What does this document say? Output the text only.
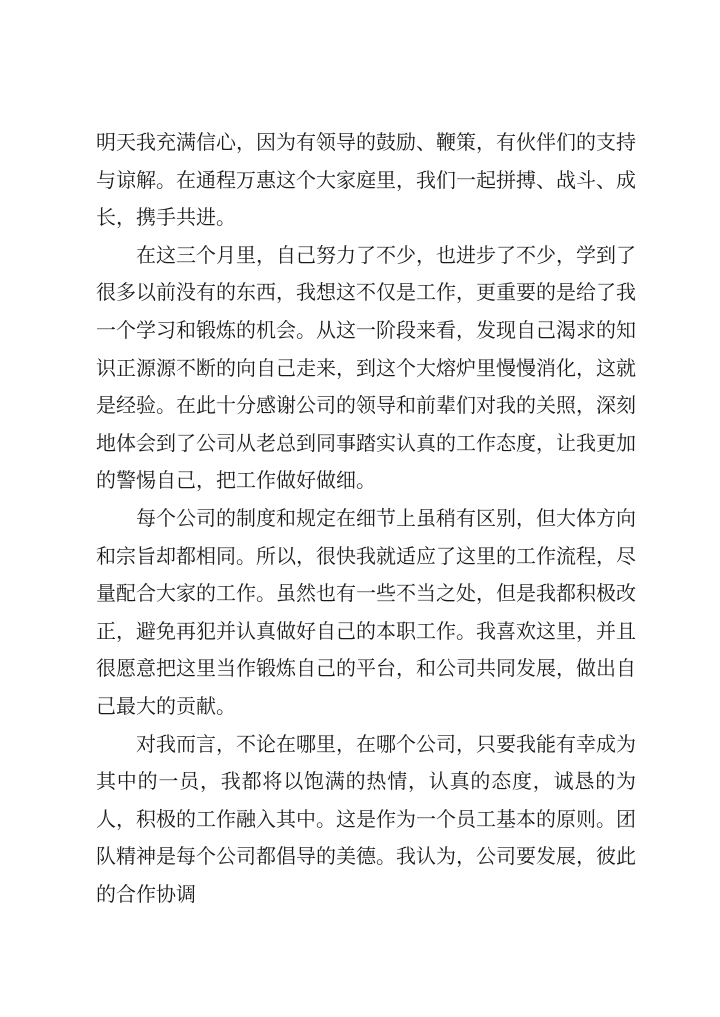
明天我充满信心，因为有领导的鼓励、鞭策，有伙伴们的支持与谅解。在通程万惠这个大家庭里，我们一起拼搏、战斗、成长，携手共进。

在这三个月里，自己努力了不少，也进步了不少，学到了很多以前没有的东西，我想这不仅是工作，更重要的是给了我一个学习和锻炼的机会。从这一阶段来看，发现自己渴求的知识正源源不断的向自己走来，到这个大熔炉里慢慢消化，这就是经验。在此十分感谢公司的领导和前辈们对我的关照，深刻地体会到了公司从老总到同事踏实认真的工作态度，让我更加的警惕自己，把工作做好做细。

每个公司的制度和规定在细节上虽稍有区别，但大体方向和宗旨却都相同。所以，很快我就适应了这里的工作流程，尽量配合大家的工作。虽然也有一些不当之处，但是我都积极改正，避免再犯并认真做好自己的本职工作。我喜欢这里，并且很愿意把这里当作锻炼自己的平台，和公司共同发展，做出自己最大的贡献。

对我而言，不论在哪里，在哪个公司，只要我能有幸成为其中的一员，我都将以饱满的热情，认真的态度，诚恳的为人，积极的工作融入其中。这是作为一个员工基本的原则。团队精神是每个公司都倡导的美德。我认为，公司要发展，彼此的合作协调
